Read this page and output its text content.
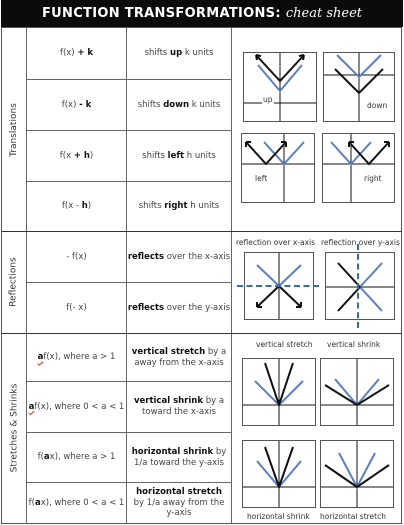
FUNCTION TRANSFORMATIONS: cheat sheet
Translations
Reflections
Stretches & Shrinks
f(x) + k
f(x) - k
f(x + h)
f(x - h)
- f(x)
f(- x)
af(x), where a > 1
af(x), where 0 < a < 1
f(ax), where a > 1
f(ax), where 0 < a < 1
shifts up k units
shifts down k units
shifts left h units
shifts right h units
reflects over the x-axis
reflects over the y-axis
vertical stretch by a away from the x-axis
vertical shrink by a toward the x-axis
horizontal shrink by 1/a toward the y-axis
horizontal stretch by 1/a away from the y-axis
up
down
left	right
reflection over x-axis reflection over y-axis
vertical stretch vertical shrink
horizontal shrink horizontal stretch
